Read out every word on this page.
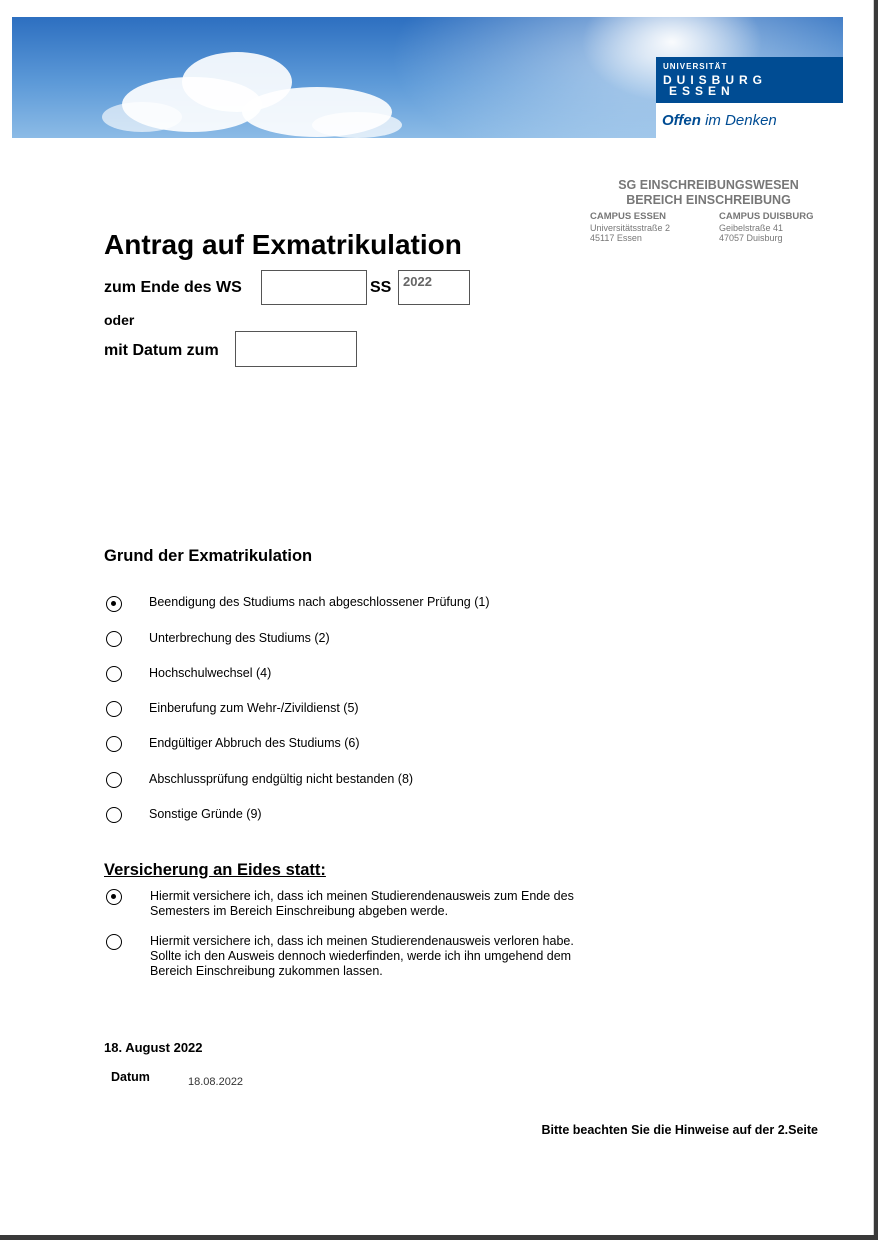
UNIVERSITÄT
DUISBURG
ESSEN
Offen im Denken
SG EINSCHREIBUNGSWESEN
BEREICH EINSCHREIBUNG
CAMPUS ESSEN
Universitätsstraße 2
45117 Essen
CAMPUS DUISBURG
Geibelstraße 41
47057 Duisburg
Antrag auf Exmatrikulation
zum Ende des WS	SS 2022
oder
mit Datum zum
Grund der Exmatrikulation
Beendigung des Studiums nach abgeschlossener Prüfung (1)
Unterbrechung des Studiums (2)
Hochschulwechsel (4)
Einberufung zum Wehr-/Zivildienst (5)
Endgültiger Abbruch des Studiums (6)
Abschlussprüfung endgültig nicht bestanden (8)
Sonstige Gründe (9)
Versicherung an Eides statt:
Hiermit versichere ich, dass ich meinen Studierendenausweis zum Ende des
Semesters im Bereich Einschreibung abgeben werde.
Hiermit versichere ich, dass ich meinen Studierendenausweis verloren habe.
Sollte ich den Ausweis dennoch wiederfinden, werde ich ihn umgehend dem
Bereich Einschreibung zukommen lassen.
18. August 2022
Datum	18.08.2022
Bitte beachten Sie die Hinweise auf der 2.Seite
